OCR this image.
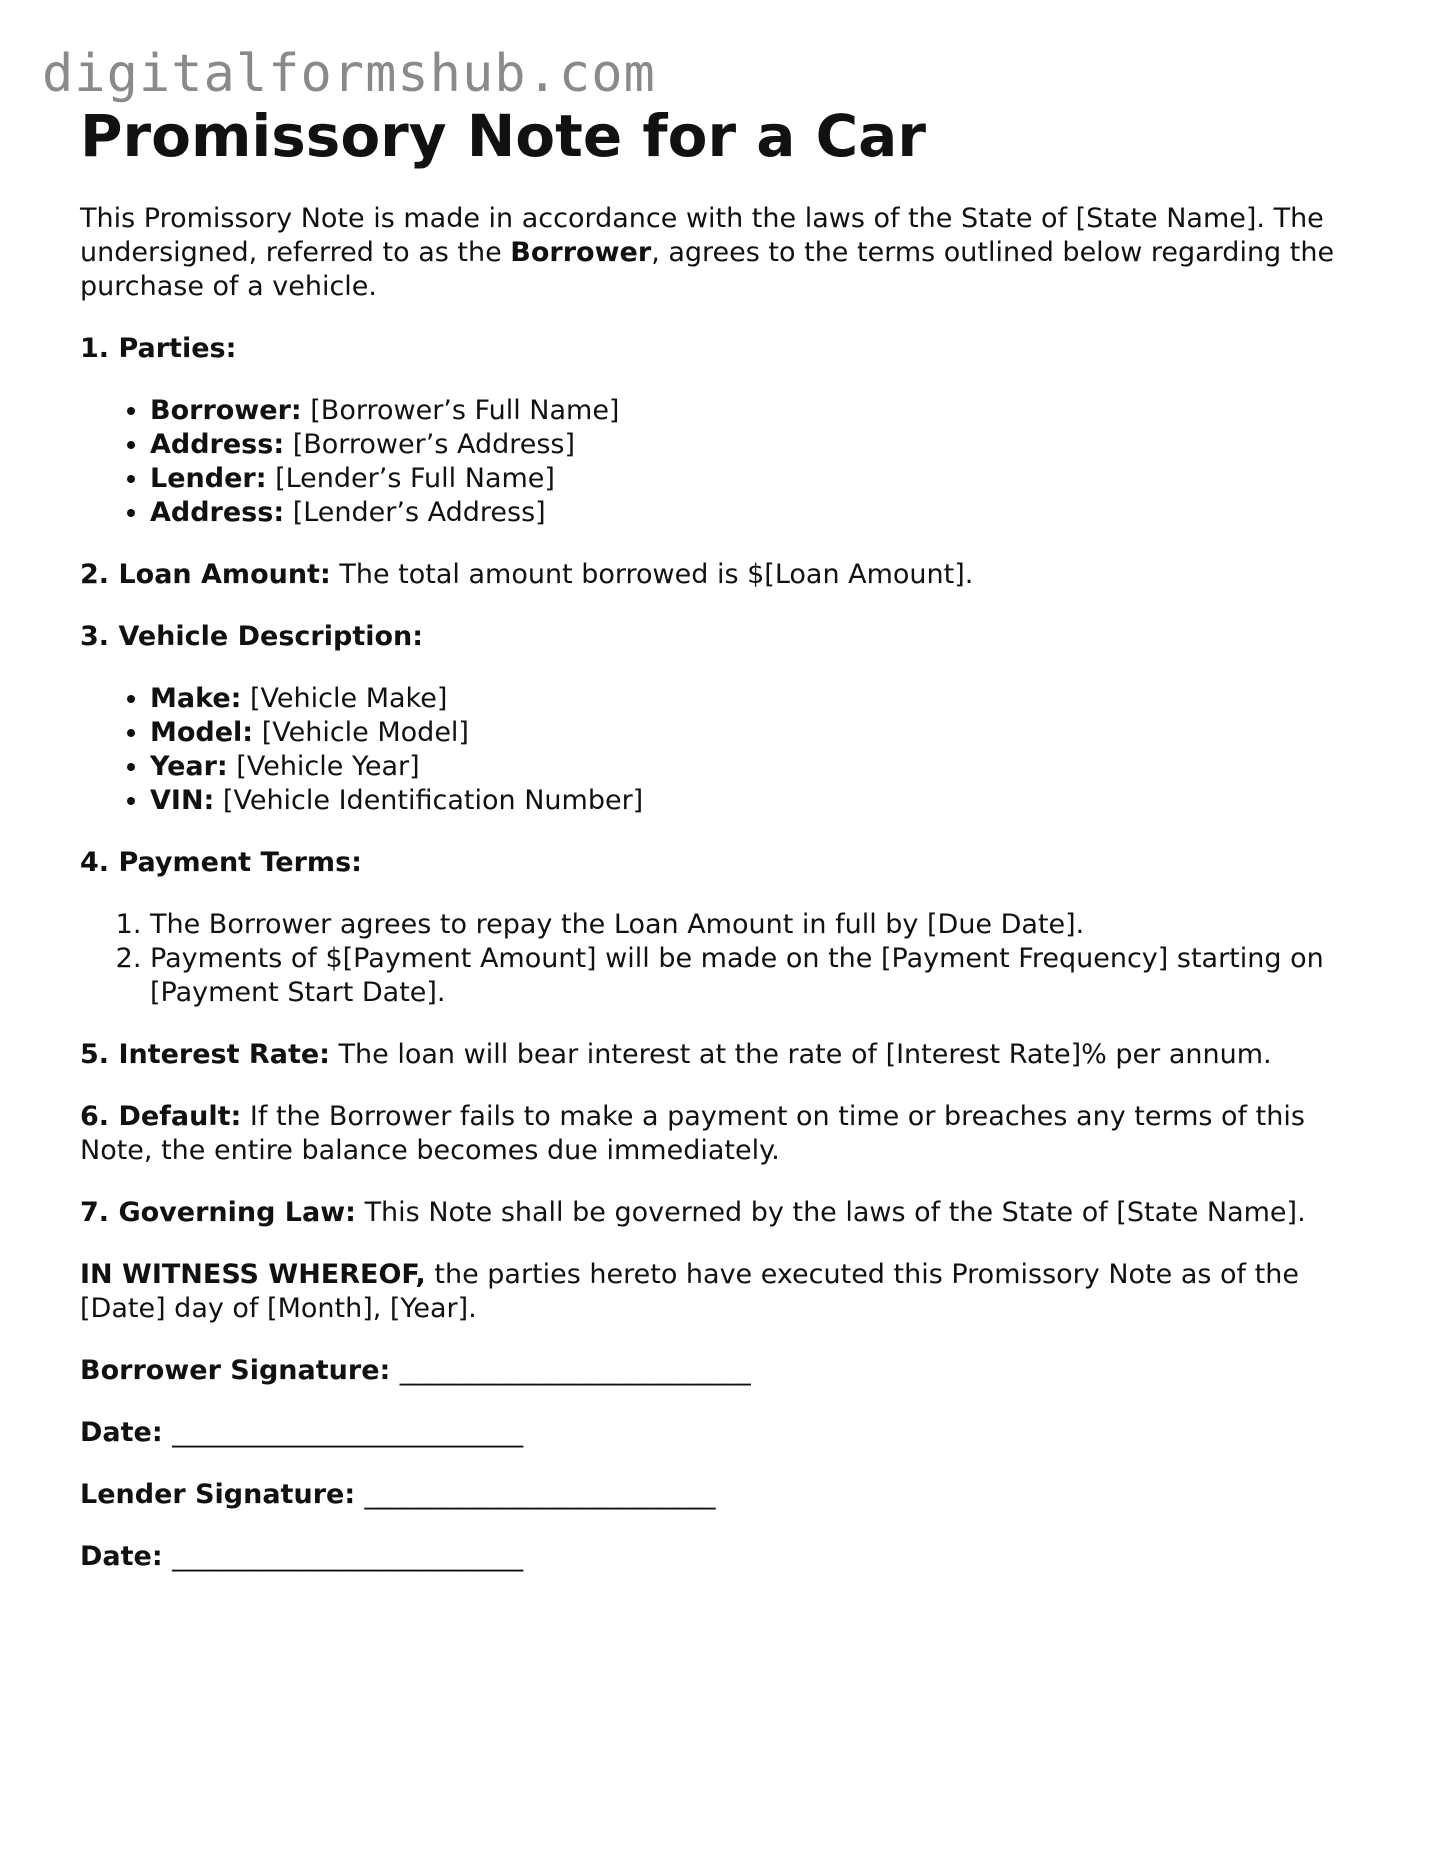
digitalformshub.com
Promissory Note for a Car

This Promissory Note is made in accordance with the laws of the State of [State Name]. The undersigned, referred to as the Borrower, agrees to the terms outlined below regarding the purchase of a vehicle.

1. Parties:

• Borrower: [Borrower’s Full Name]
• Address: [Borrower’s Address]
• Lender: [Lender’s Full Name]
• Address: [Lender’s Address]

2. Loan Amount: The total amount borrowed is $[Loan Amount].

3. Vehicle Description:

• Make: [Vehicle Make]
• Model: [Vehicle Model]
• Year: [Vehicle Year]
• VIN: [Vehicle Identification Number]

4. Payment Terms:

1. The Borrower agrees to repay the Loan Amount in full by [Due Date].
2. Payments of $[Payment Amount] will be made on the [Payment Frequency] starting on [Payment Start Date].

5. Interest Rate: The loan will bear interest at the rate of [Interest Rate]% per annum.

6. Default: If the Borrower fails to make a payment on time or breaches any terms of this Note, the entire balance becomes due immediately.

7. Governing Law: This Note shall be governed by the laws of the State of [State Name].

IN WITNESS WHEREOF, the parties hereto have executed this Promissory Note as of the [Date] day of [Month], [Year].

Borrower Signature: __________________________

Date: __________________________

Lender Signature: __________________________

Date: __________________________
